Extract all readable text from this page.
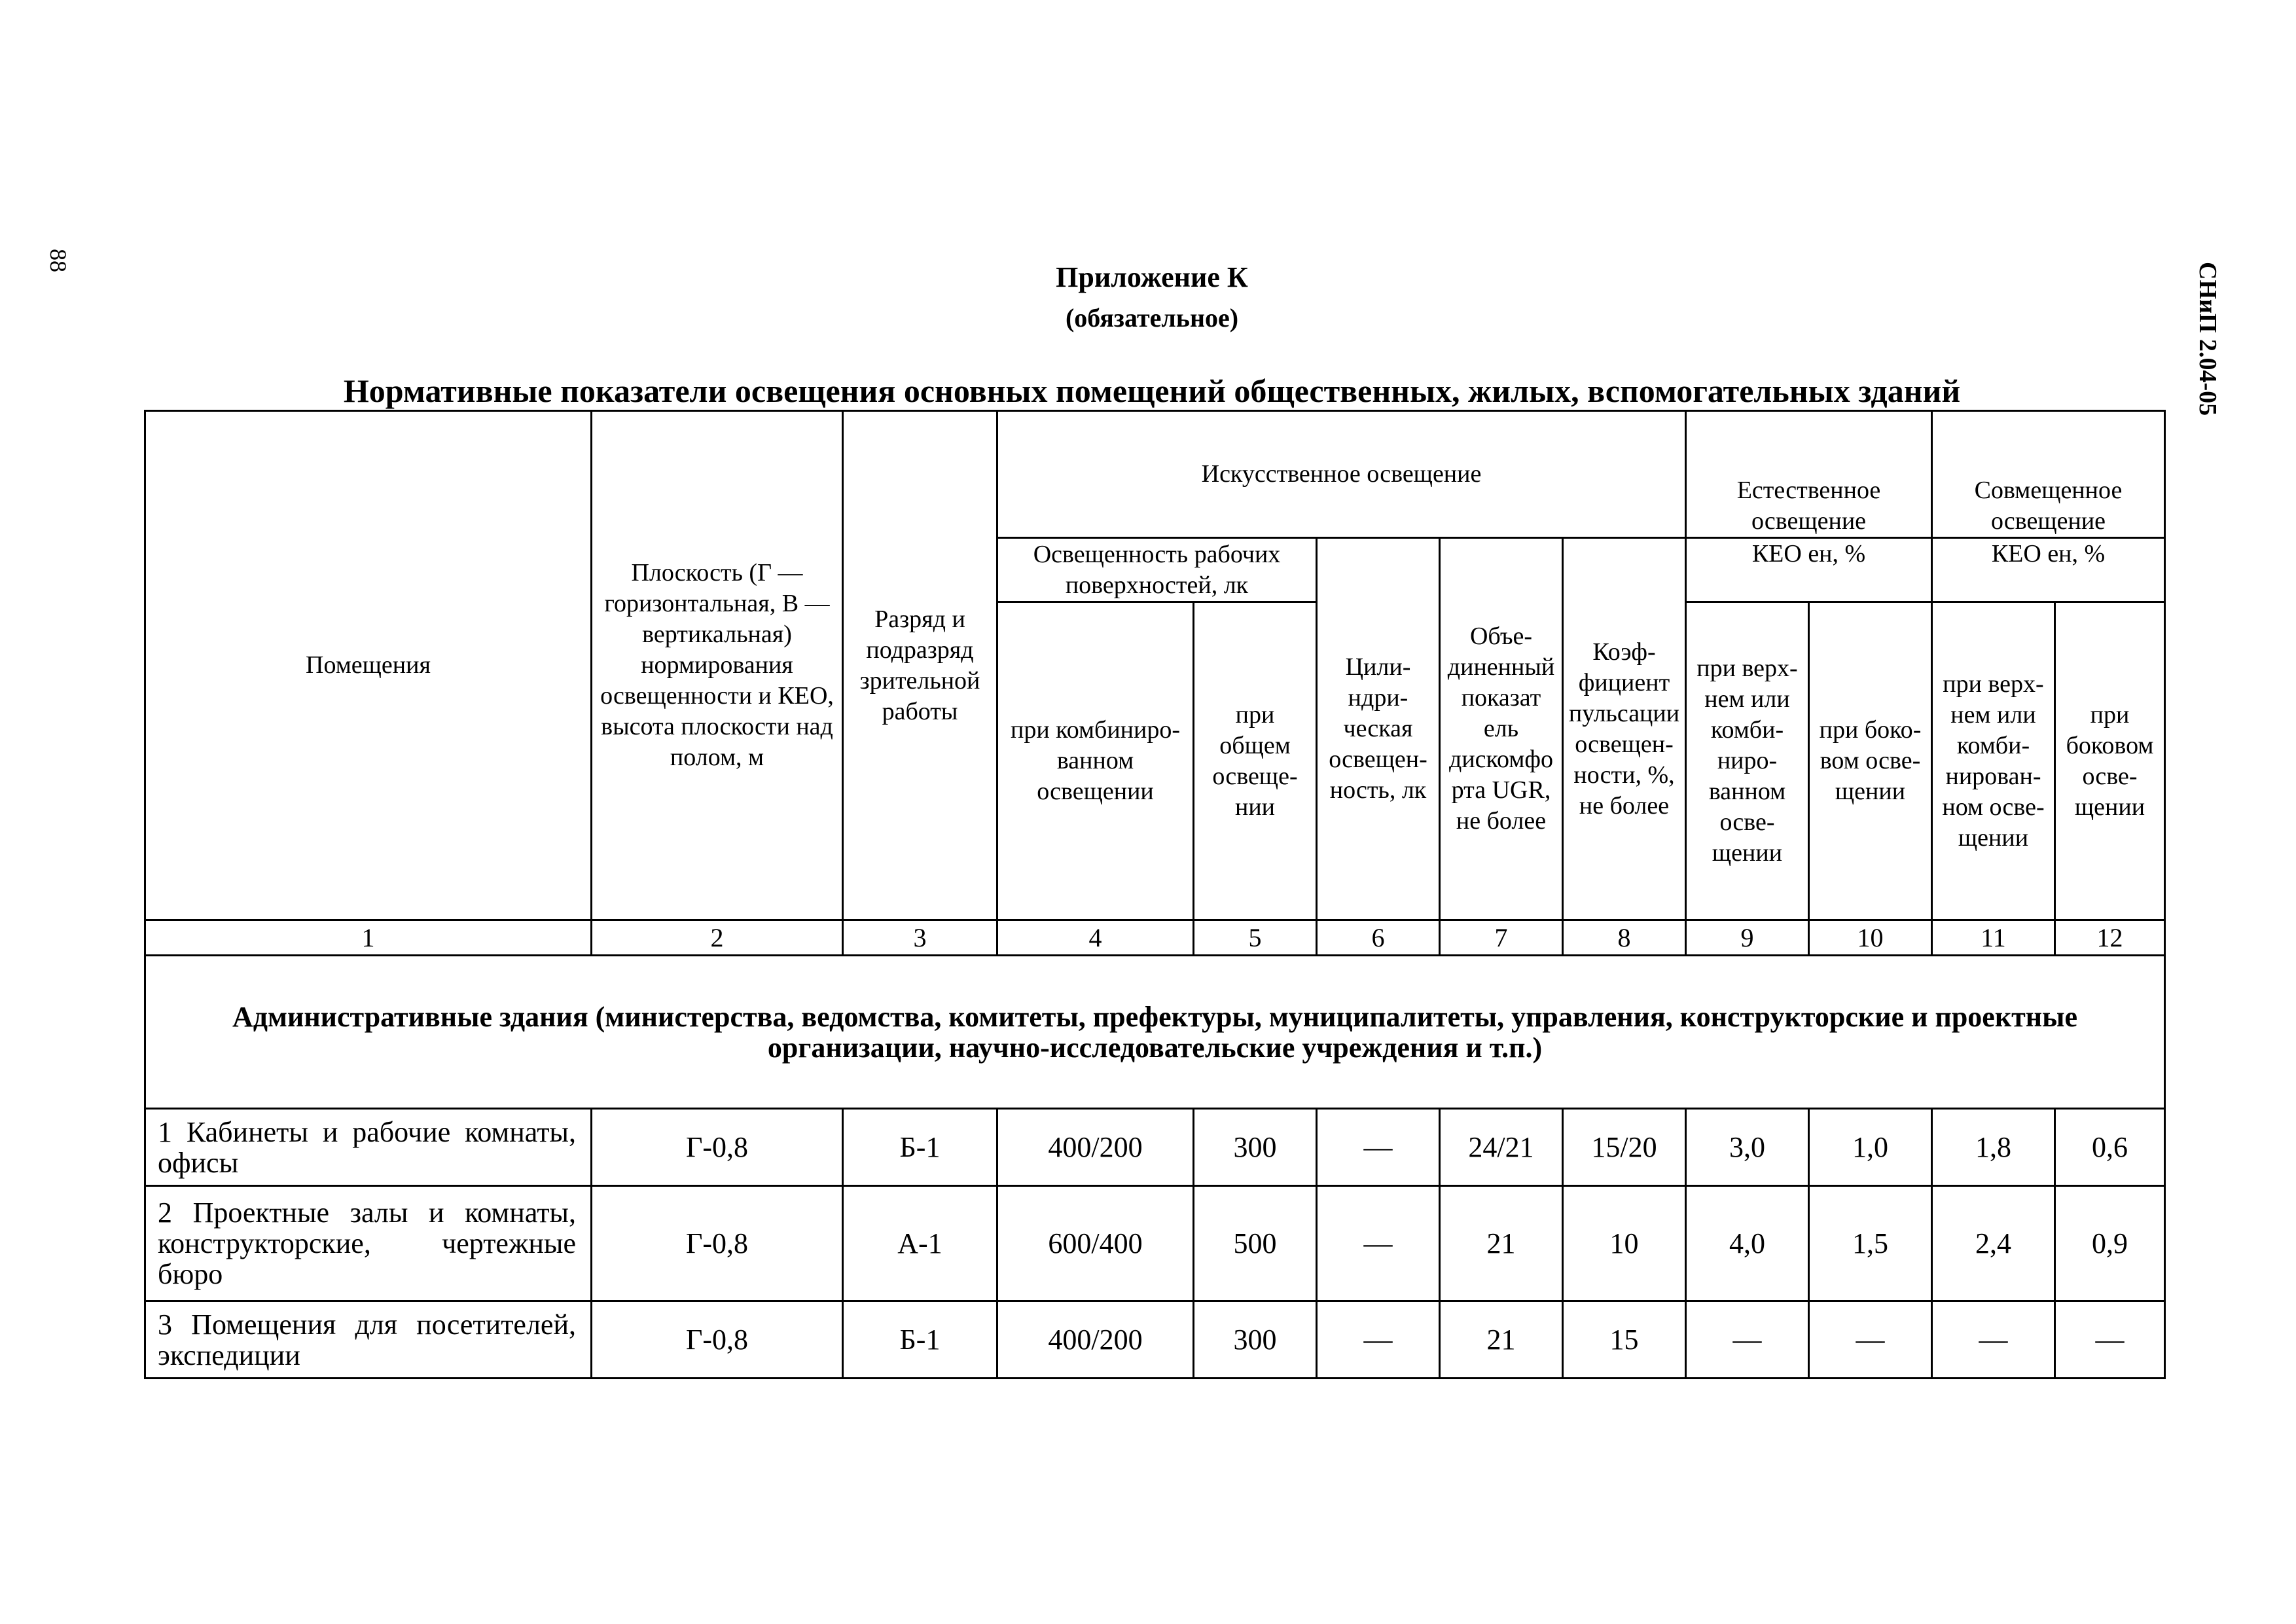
88
СНиП 2.04-05
Приложение К
(обязательное)
Нормативные показатели освещения основных помещений общественных, жилых, вспомогательных зданий
Помещения	Плоскость (Г — горизонтальная, В — вертикальная) нормирования освещенности и КЕО, высота плоскости над полом, м	Разряд и подразряд зрительной работы	Искусственное освещение					Естественное освещение		Совмещенное освещение	
			Освещенность рабочих поверхностей, лк		Цилиндрическая освещенность, лк	Объединенный показат ель дискомфорта UGR, не более	Коэффициент пульсации освещенности, %, не более	КЕО eн, %		КЕО eн, %	
			при комбинированном освещении	при общем освещении				при верхнем или комбинированном освещении	при боковом освещении	при верхнем или комбинированном освещении	при боковом освещении
1	2	3	4	5	6	7	8	9	10	11	12
Административные здания (министерства, ведомства, комитеты, префектуры, муниципалитеты, управления, конструкторские и проектные организации, научно-исследовательские учреждения и т.п.)											
1 Кабинеты и рабочие комнаты, офисы	Г-0,8	Б-1	400/200	300	—	24/21	15/20	3,0	1,0	1,8	0,6
2 Проектные залы и комнаты, конструкторские, чертежные бюро	Г-0,8	А-1	600/400	500	—	21	10	4,0	1,5	2,4	0,9
3 Помещения для посетителей, экспедиции	Г-0,8	Б-1	400/200	300	—	21	15	—	—	—	—
